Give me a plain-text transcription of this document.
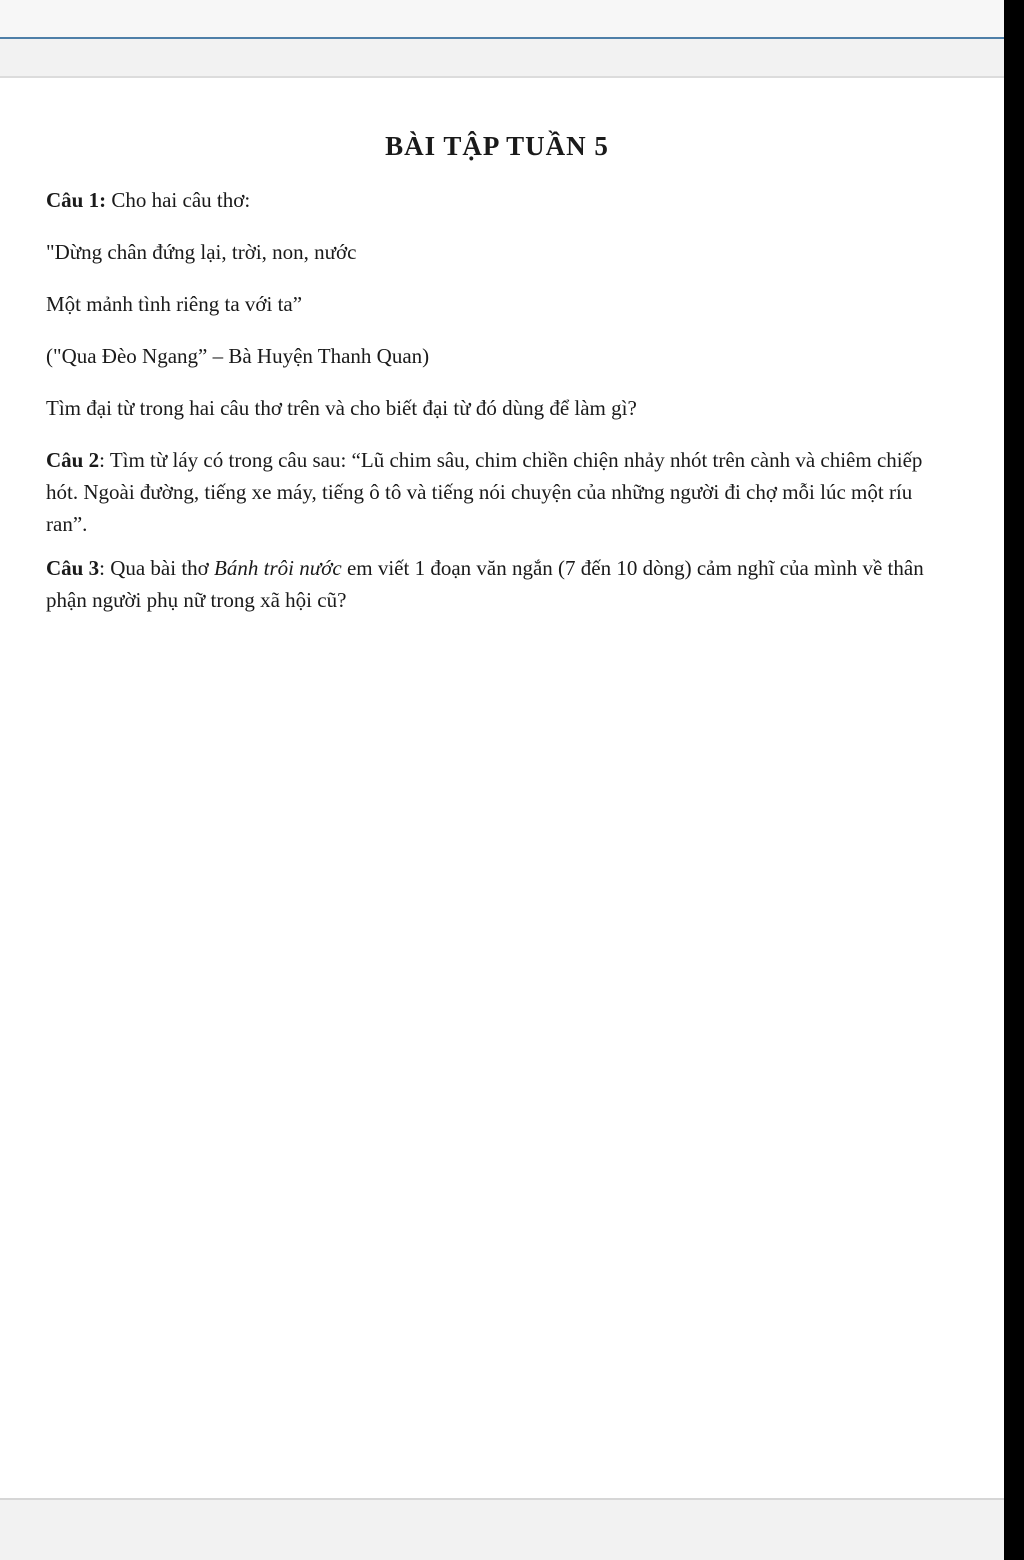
BÀI TẬP TUẦN 5

Câu 1: Cho hai câu thơ:

"Dừng chân đứng lại, trời, non, nước

Một mảnh tình riêng ta với ta”

("Qua Đèo Ngang” – Bà Huyện Thanh Quan)

Tìm đại từ trong hai câu thơ trên và cho biết đại từ đó dùng để làm gì?

Câu 2: Tìm từ láy có trong câu sau: “Lũ chim sâu, chim chiền chiện nhảy nhót trên cành và chiêm chiếp hót. Ngoài đường, tiếng xe máy, tiếng ô tô và tiếng nói chuyện của những người đi chợ mỗi lúc một ríu ran”.

Câu 3: Qua bài thơ Bánh trôi nước em viết 1 đoạn văn ngắn (7 đến 10 dòng) cảm nghĩ của mình về thân phận người phụ nữ trong xã hội cũ?
